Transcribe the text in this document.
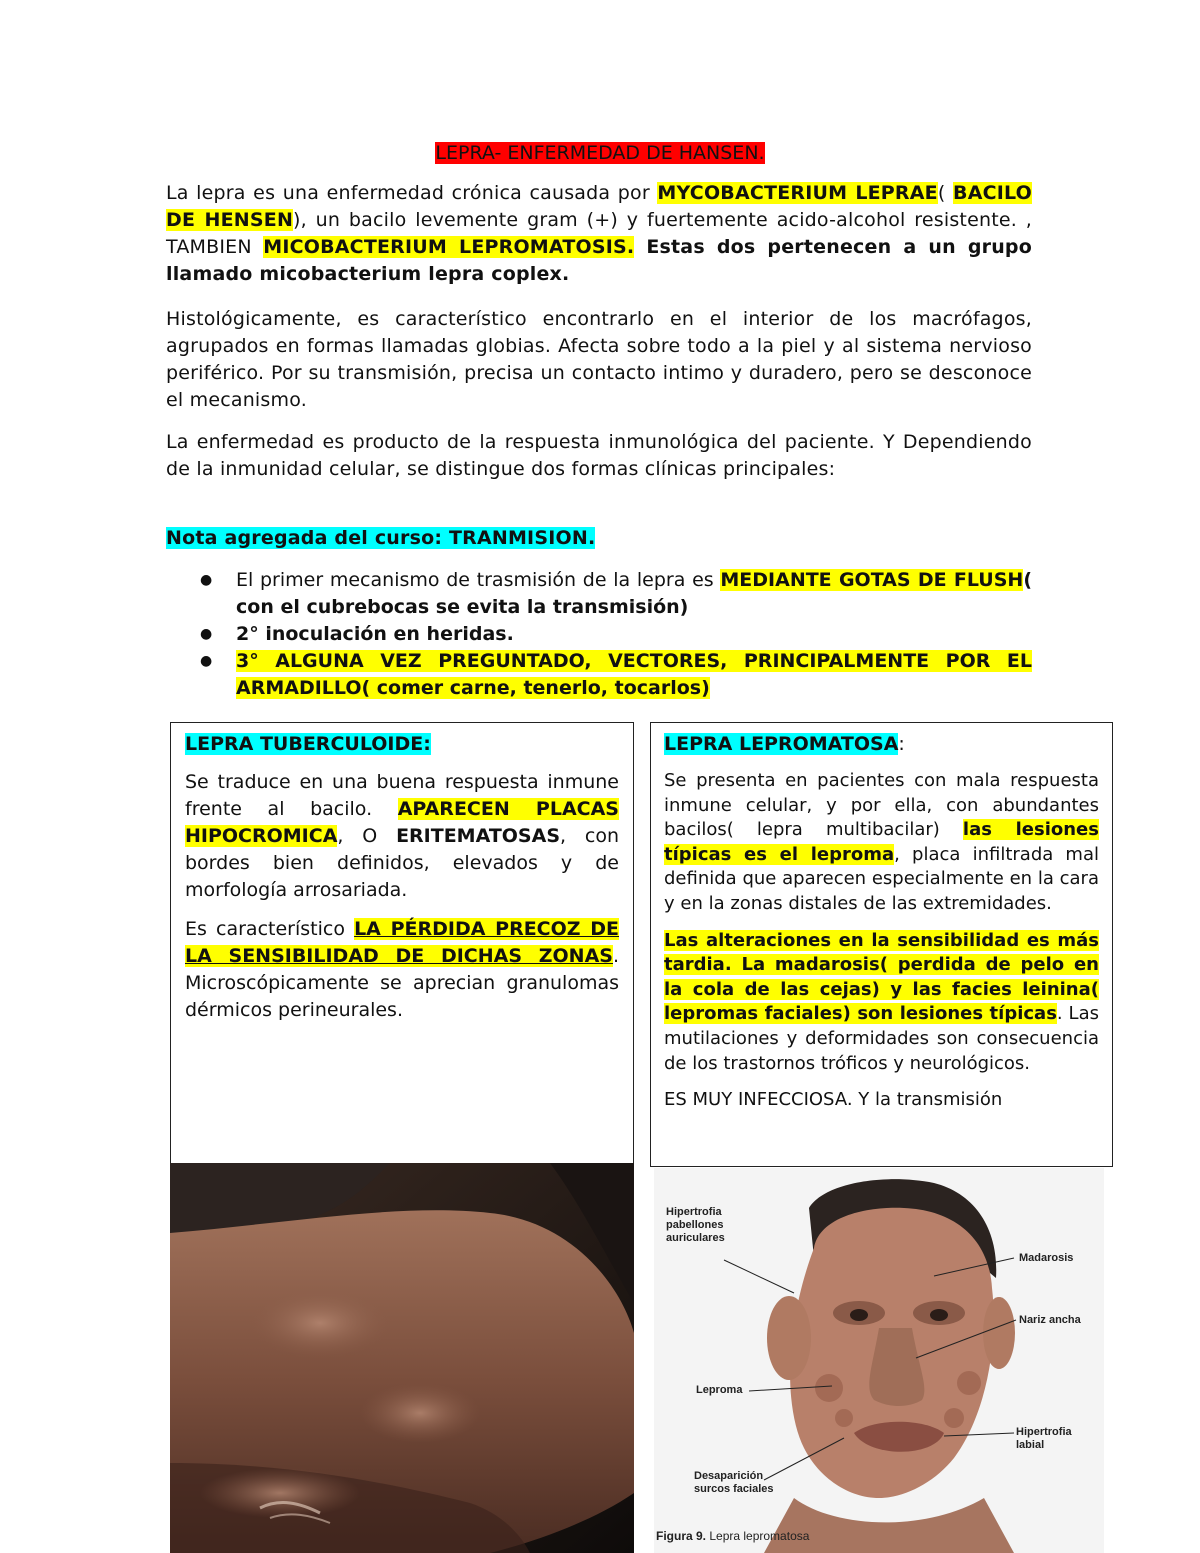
LEPRA- ENFERMEDAD DE HANSEN.

La lepra es una enfermedad crónica causada por MYCOBACTERIUM LEPRAE( BACILO DE HENSEN), un bacilo levemente gram (+) y fuertemente acido-alcohol resistente. , TAMBIEN MICOBACTERIUM LEPROMATOSIS. Estas dos pertenecen a un grupo llamado micobacterium lepra coplex.

Histológicamente, es característico encontrarlo en el interior de los macrófagos, agrupados en formas llamadas globias. Afecta sobre todo a la piel y al sistema nervioso periférico. Por su transmisión, precisa un contacto intimo y duradero, pero se desconoce el mecanismo.

La enfermedad es producto de la respuesta inmunológica del paciente. Y Dependiendo de la inmunidad celular, se distingue dos formas clínicas principales:

Nota agregada del curso: TRANMISION.

● El primer mecanismo de trasmisión de la lepra es MEDIANTE GOTAS DE FLUSH( con el cubrebocas se evita la transmisión)
● 2° inoculación en heridas.
● 3° ALGUNA VEZ PREGUNTADO, VECTORES, PRINCIPALMENTE POR EL ARMADILLO( comer carne, tenerlo, tocarlos)
LEPRA TUBERCULOIDE:

Se traduce en una buena respuesta inmune frente al bacilo. APARECEN PLACAS HIPOCROMICA, O ERITEMATOSAS, con bordes bien definidos, elevados y de morfología arrosariada.

Es característico LA PÉRDIDA PRECOZ DE LA SENSIBILIDAD DE DICHAS ZONAS. Microscópicamente se aprecian granulomas dérmicos perineurales.

LEPRA LEPROMATOSA:

Se presenta en pacientes con mala respuesta inmune celular, y por ella, con abundantes bacilos( lepra multibacilar) las lesiones típicas es el leproma, placa infiltrada mal definida que aparecen especialmente en la cara y en la zonas distales de las extremidades.

Las alteraciones en la sensibilidad es más tardia. La madarosis( perdida de pelo en la cola de las cejas) y las facies leinina( lepromas faciales) son lesiones típicas. Las mutilaciones y deformidades son consecuencia de los trastornos tróficos y neurológicos.

ES MUY INFECCIOSA. Y la transmisión

Hipertrofia pabellones auriculares

Madarosis

Nariz ancha

Leproma

Hipertrofia labial

Desaparición surcos faciales

Figura 9. Lepra lepromatosa
